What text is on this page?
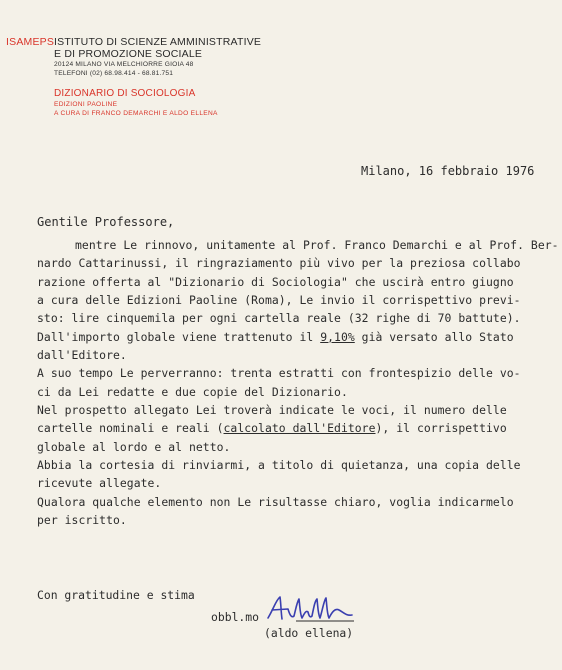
ISAMEPS ISTITUTO DI SCIENZE AMMINISTRATIVE
E DI PROMOZIONE SOCIALE
20124 MILANO VIA MELCHIORRE GIOIA 48
TELEFONI (02) 68.98.414 - 68.81.751
DIZIONARIO DI SOCIOLOGIA
EDIZIONI PAOLINE
A CURA DI FRANCO DEMARCHI E ALDO ELLENA
Milano, 16 febbraio 1976
Gentile Professore,
mentre Le rinnovo, unitamente al Prof. Franco Demarchi e al Prof. Ber-
nardo Cattarinussi, il ringraziamento più vivo per la preziosa collabo
razione offerta al "Dizionario di Sociologia" che uscirà entro giugno
a cura delle Edizioni Paoline (Roma), Le invio il corrispettivo previ-
sto: lire cinquemila per ogni cartella reale (32 righe di 70 battute).
Dall'importo globale viene trattenuto il 9,10% già versato allo Stato
dall'Editore.
A suo tempo Le perverranno: trenta estratti con frontespizio delle vo-
ci da Lei redatte e due copie del Dizionario.
Nel prospetto allegato Lei troverà indicate le voci, il numero delle
cartelle nominali e reali (calcolato dall'Editore), il corrispettivo
globale al lordo e al netto.
Abbia la cortesia di rinviarmi, a titolo di quietanza, una copia delle
ricevute allegate.
Qualora qualche elemento non Le risultasse chiaro, voglia indicarmelo
per iscritto.
Con gratitudine e stima
obbl.mo
(aldo ellena)
